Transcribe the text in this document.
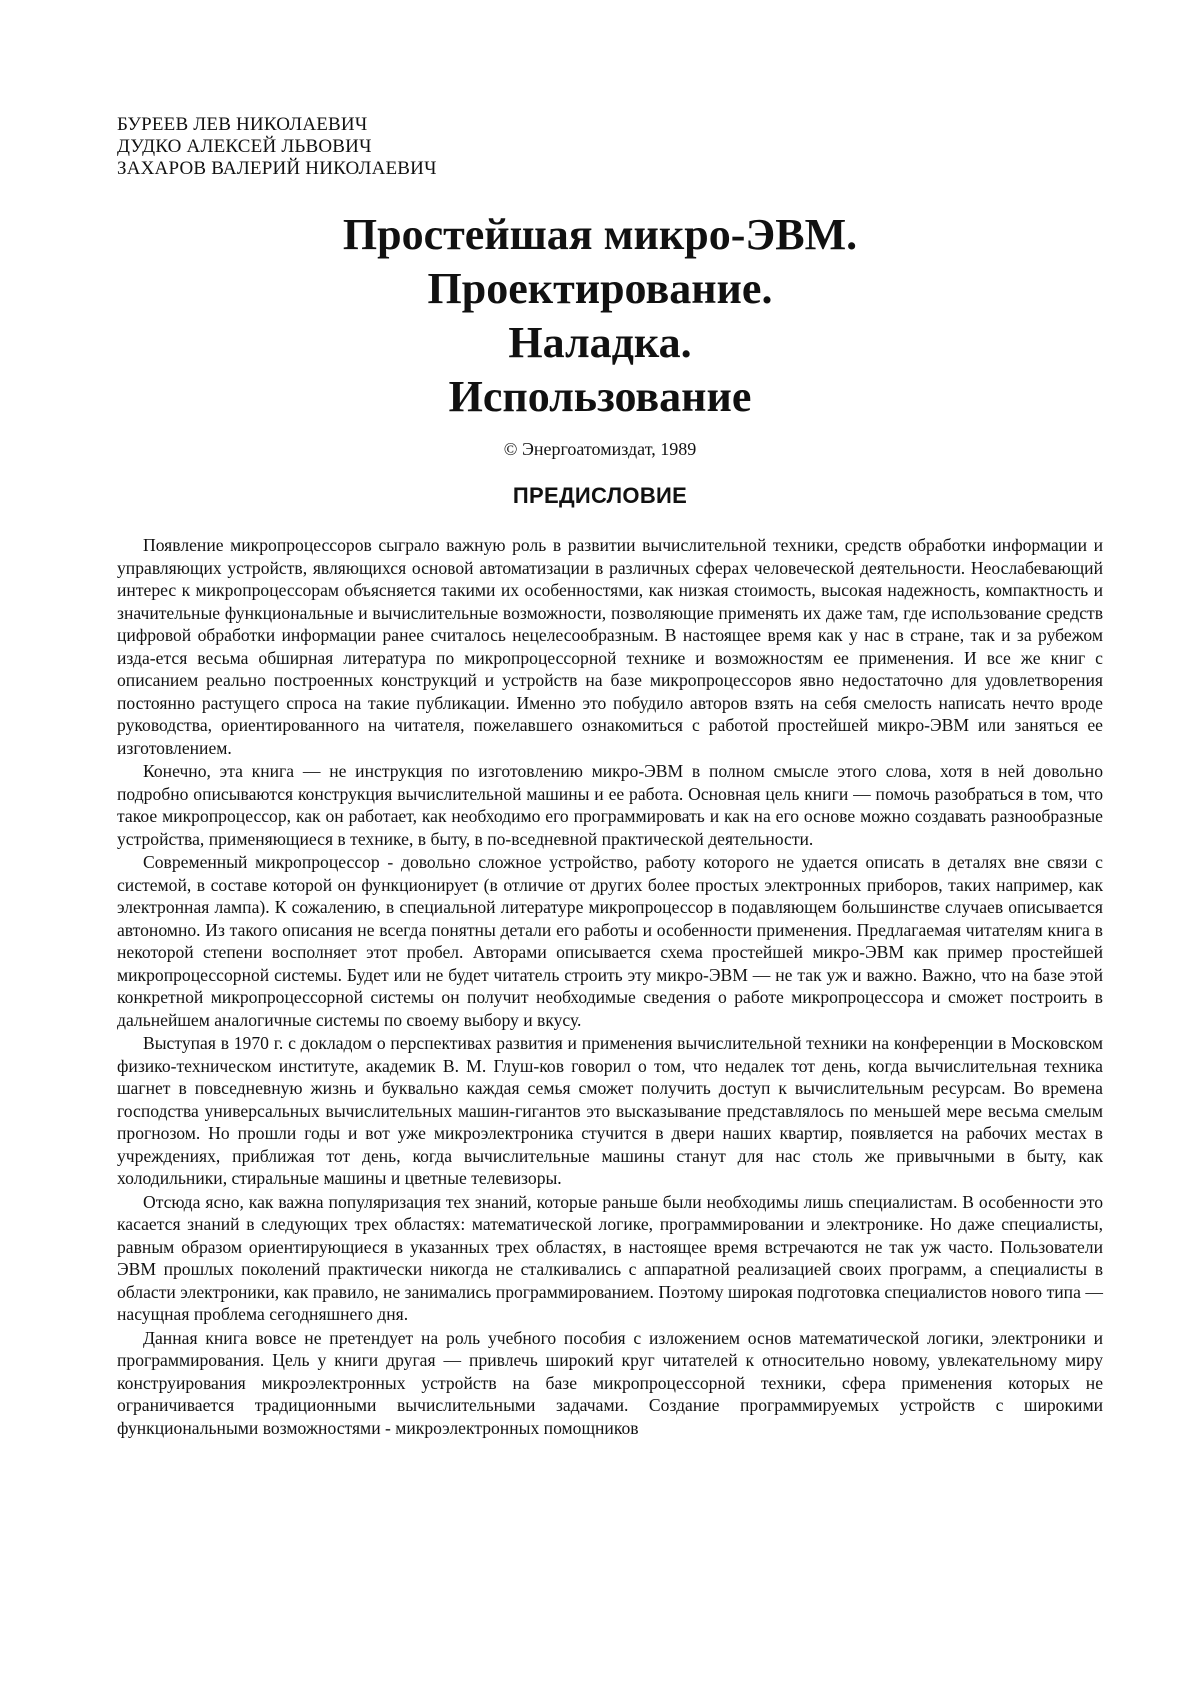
БУРЕЕВ ЛЕВ НИКОЛАЕВИЧ
ДУДКО АЛЕКСЕЙ ЛЬВОВИЧ
ЗАХАРОВ ВАЛЕРИЙ НИКОЛАЕВИЧ
Простейшая микро-ЭВМ.
Проектирование.
Наладка.
Использование
© Энергоатомиздат, 1989
ПРЕДИСЛОВИЕ

Появление микропроцессоров сыграло важную роль в развитии вычислительной техники, средств обработки информации и управляющих устройств, являющихся основой автоматизации в различных сферах человеческой деятельности. Неослабевающий интерес к микропроцессорам объясняется такими их особенностями, как низкая стоимость, высокая надежность, компактность и значительные функциональные и вычислительные возможности, позволяющие применять их даже там, где использование средств цифровой обработки информации ранее считалось нецелесообразным. В настоящее время как у нас в стране, так и за рубежом изда-ется весьма обширная литература по микропроцессорной технике и возможностям ее применения. И все же книг с описанием реально построенных конструкций и устройств на базе микропроцессоров явно недостаточно для удовлетворения постоянно растущего спроса на такие публикации. Именно это побудило авторов взять на себя смелость написать нечто вроде руководства, ориентированного на читателя, пожелавшего ознакомиться с работой простейшей микро-ЭВМ или заняться ее изготовлением.

Конечно, эта книга — не инструкция по изготовлению микро-ЭВМ в полном смысле этого слова, хотя в ней довольно подробно описываются конструкция вычислительной машины и ее работа. Основная цель книги — помочь разобраться в том, что такое микропроцессор, как он работает, как необходимо его программировать и как на его основе можно создавать разнообразные устройства, применяющиеся в технике, в быту, в по-вседневной практической деятельности.

Современный микропроцессор - довольно сложное устройство, работу которого не удается описать в деталях вне связи с системой, в составе которой он функционирует (в отличие от других более простых электронных приборов, таких например, как электронная лампа). К сожалению, в специальной литературе микропроцессор в подавляющем большинстве случаев описывается автономно. Из такого описания не всегда понятны детали его работы и особенности применения. Предлагаемая читателям книга в некоторой степени восполняет этот пробел. Авторами описывается схема простейшей микро-ЭВМ как пример простейшей микропроцессорной системы. Будет или не будет читатель строить эту микро-ЭВМ — не так уж и важно. Важно, что на базе этой конкретной микропроцессорной системы он получит необходимые сведения о работе микропроцессора и сможет построить в дальнейшем аналогичные системы по своему выбору и вкусу.

Выступая в 1970 г. с докладом о перспективах развития и применения вычислительной техники на конференции в Московском физико-техническом институте, академик В. М. Глуш-ков говорил о том, что недалек тот день, когда вычислительная техника шагнет в повседневную жизнь и буквально каждая семья сможет получить доступ к вычислительным ресурсам. Во времена господства универсальных вычислительных машин-гигантов это высказывание представлялось по меньшей мере весьма смелым прогнозом. Но прошли годы и вот уже микроэлектроника стучится в двери наших квартир, появляется на рабочих местах в учреждениях, приближая тот день, когда вычислительные машины станут для нас столь же привычными в быту, как холодильники, стиральные машины и цветные телевизоры.

Отсюда ясно, как важна популяризация тех знаний, которые раньше были необходимы лишь специалистам. В особенности это касается знаний в следующих трех областях: математической логике, программировании и электронике. Но даже специалисты, равным образом ориентирующиеся в указанных трех областях, в настоящее время встречаются не так уж часто. Пользователи ЭВМ прошлых поколений практически никогда не сталкивались с аппаратной реализацией своих программ, а специалисты в области электроники, как правило, не занимались программированием. Поэтому широкая подготовка специалистов нового типа — насущная проблема сегодняшнего дня.

Данная книга вовсе не претендует на роль учебного пособия с изложением основ математической логики, электроники и программирования. Цель у книги другая — привлечь широкий круг читателей к относительно новому, увлекательному миру конструирования микроэлектронных устройств на базе микропроцессорной техники, сфера применения которых не ограничивается традиционными вычислительными задачами. Создание программируемых устройств с широкими функциональными возможностями - микроэлектронных помощников
